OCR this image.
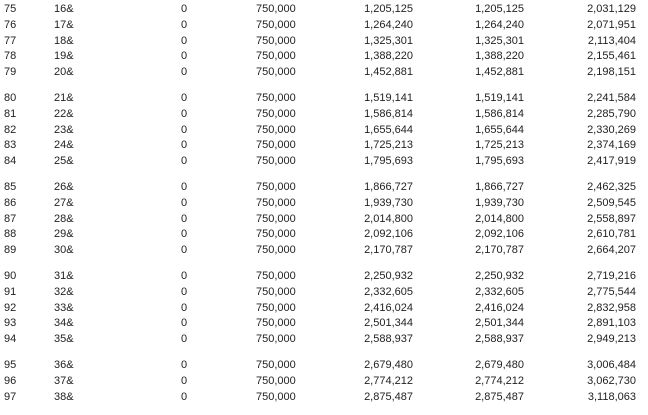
75	16&	0	750,000	1,205,125	1,205,125	2,031,129
76	17&	0	750,000	1,264,240	1,264,240	2,071,951
77	18&	0	750,000	1,325,301	1,325,301	2,113,404
78	19&	0	750,000	1,388,220	1,388,220	2,155,461
79	20&	0	750,000	1,452,881	1,452,881	2,198,151
80	21&	0	750,000	1,519,141	1,519,141	2,241,584
81	22&	0	750,000	1,586,814	1,586,814	2,285,790
82	23&	0	750,000	1,655,644	1,655,644	2,330,269
83	24&	0	750,000	1,725,213	1,725,213	2,374,169
84	25&	0	750,000	1,795,693	1,795,693	2,417,919
85	26&	0	750,000	1,866,727	1,866,727	2,462,325
86	27&	0	750,000	1,939,730	1,939,730	2,509,545
87	28&	0	750,000	2,014,800	2,014,800	2,558,897
88	29&	0	750,000	2,092,106	2,092,106	2,610,781
89	30&	0	750,000	2,170,787	2,170,787	2,664,207
90	31&	0	750,000	2,250,932	2,250,932	2,719,216
91	32&	0	750,000	2,332,605	2,332,605	2,775,544
92	33&	0	750,000	2,416,024	2,416,024	2,832,958
93	34&	0	750,000	2,501,344	2,501,344	2,891,103
94	35&	0	750,000	2,588,937	2,588,937	2,949,213
95	36&	0	750,000	2,679,480	2,679,480	3,006,484
96	37&	0	750,000	2,774,212	2,774,212	3,062,730
97	38&	0	750,000	2,875,487	2,875,487	3,118,063
